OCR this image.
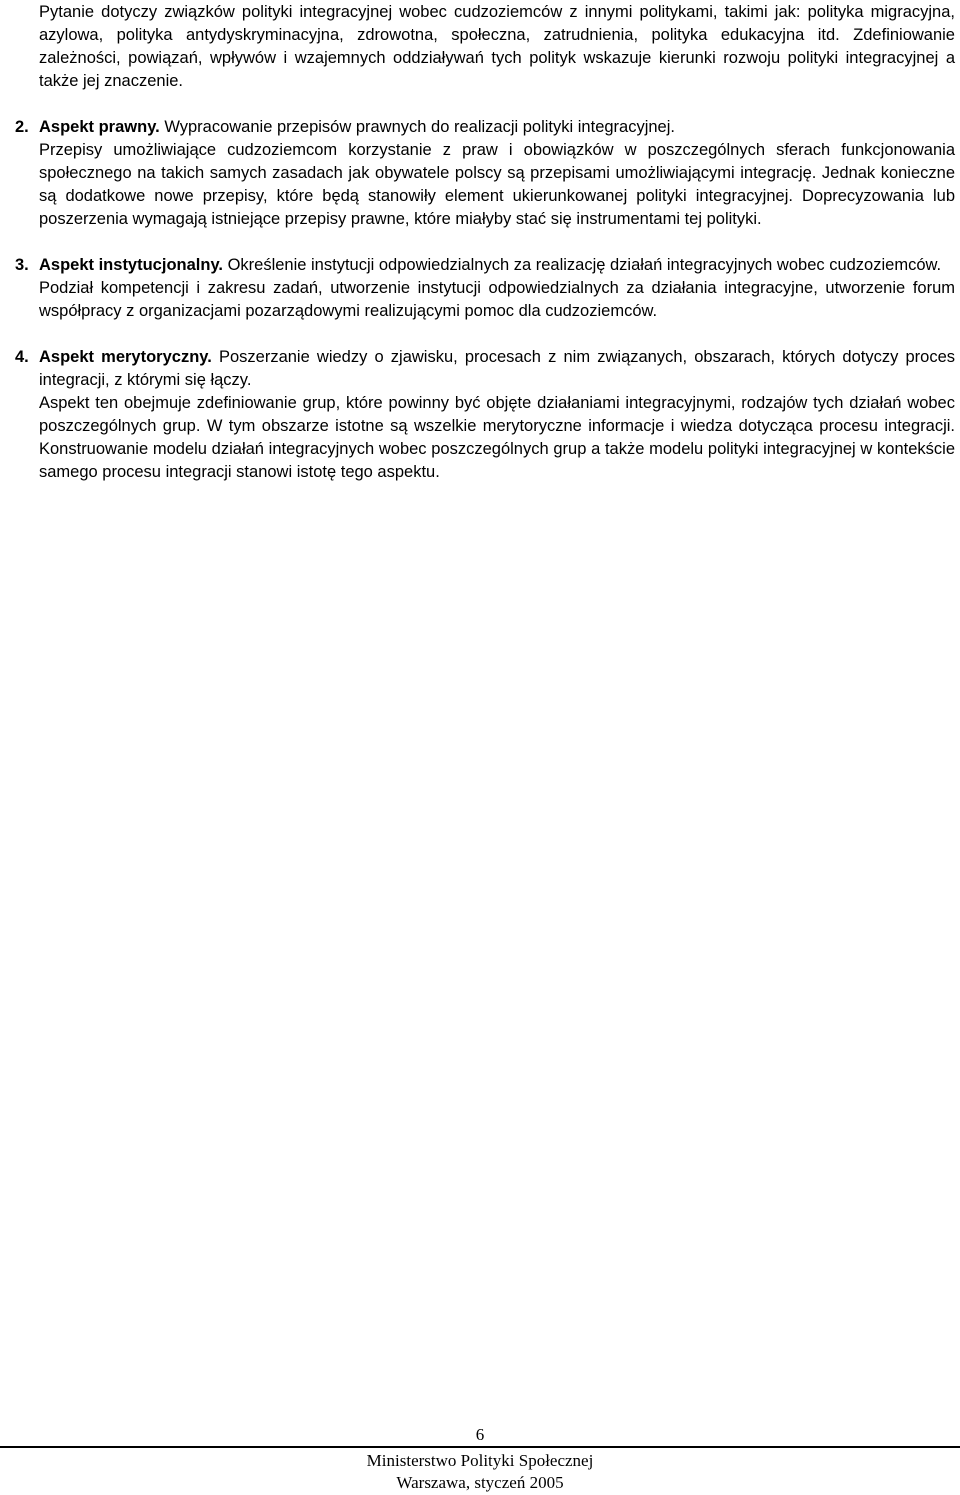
Pytanie dotyczy związków polityki integracyjnej wobec cudzoziemców z innymi politykami, takimi jak: polityka migracyjna, azylowa, polityka antydyskryminacyjna, zdrowotna, społeczna, zatrudnienia, polityka edukacyjna itd. Zdefiniowanie zależności, powiązań, wpływów i wzajemnych oddziaływań tych polityk wskazuje kierunki rozwoju polityki integracyjnej a także jej znaczenie.

2. Aspekt prawny. Wypracowanie przepisów prawnych do realizacji polityki integracyjnej.

Przepisy umożliwiające cudzoziemcom korzystanie z praw i obowiązków w poszczególnych sferach funkcjonowania społecznego na takich samych zasadach jak obywatele polscy są przepisami umożliwiającymi integrację. Jednak konieczne są dodatkowe nowe przepisy, które będą stanowiły element ukierunkowanej polityki integracyjnej. Doprecyzowania lub poszerzenia wymagają istniejące przepisy prawne, które miałyby stać się instrumentami tej polityki.

3. Aspekt instytucjonalny. Określenie instytucji odpowiedzialnych za realizację działań integracyjnych wobec cudzoziemców.

Podział kompetencji i zakresu zadań, utworzenie instytucji odpowiedzialnych za działania integracyjne, utworzenie forum współpracy z organizacjami pozarządowymi realizującymi pomoc dla cudzoziemców.

4. Aspekt merytoryczny. Poszerzanie wiedzy o zjawisku, procesach z nim związanych, obszarach, których dotyczy proces integracji, z którymi się łączy.

Aspekt ten obejmuje zdefiniowanie grup, które powinny być objęte działaniami integracyjnymi, rodzajów tych działań wobec poszczególnych grup. W tym obszarze istotne są wszelkie merytoryczne informacje i wiedza dotycząca procesu integracji. Konstruowanie modelu działań integracyjnych wobec poszczególnych grup a także modelu polityki integracyjnej w kontekście samego procesu integracji stanowi istotę tego aspektu.

6
Ministerstwo Polityki Społecznej
Warszawa, styczeń 2005
